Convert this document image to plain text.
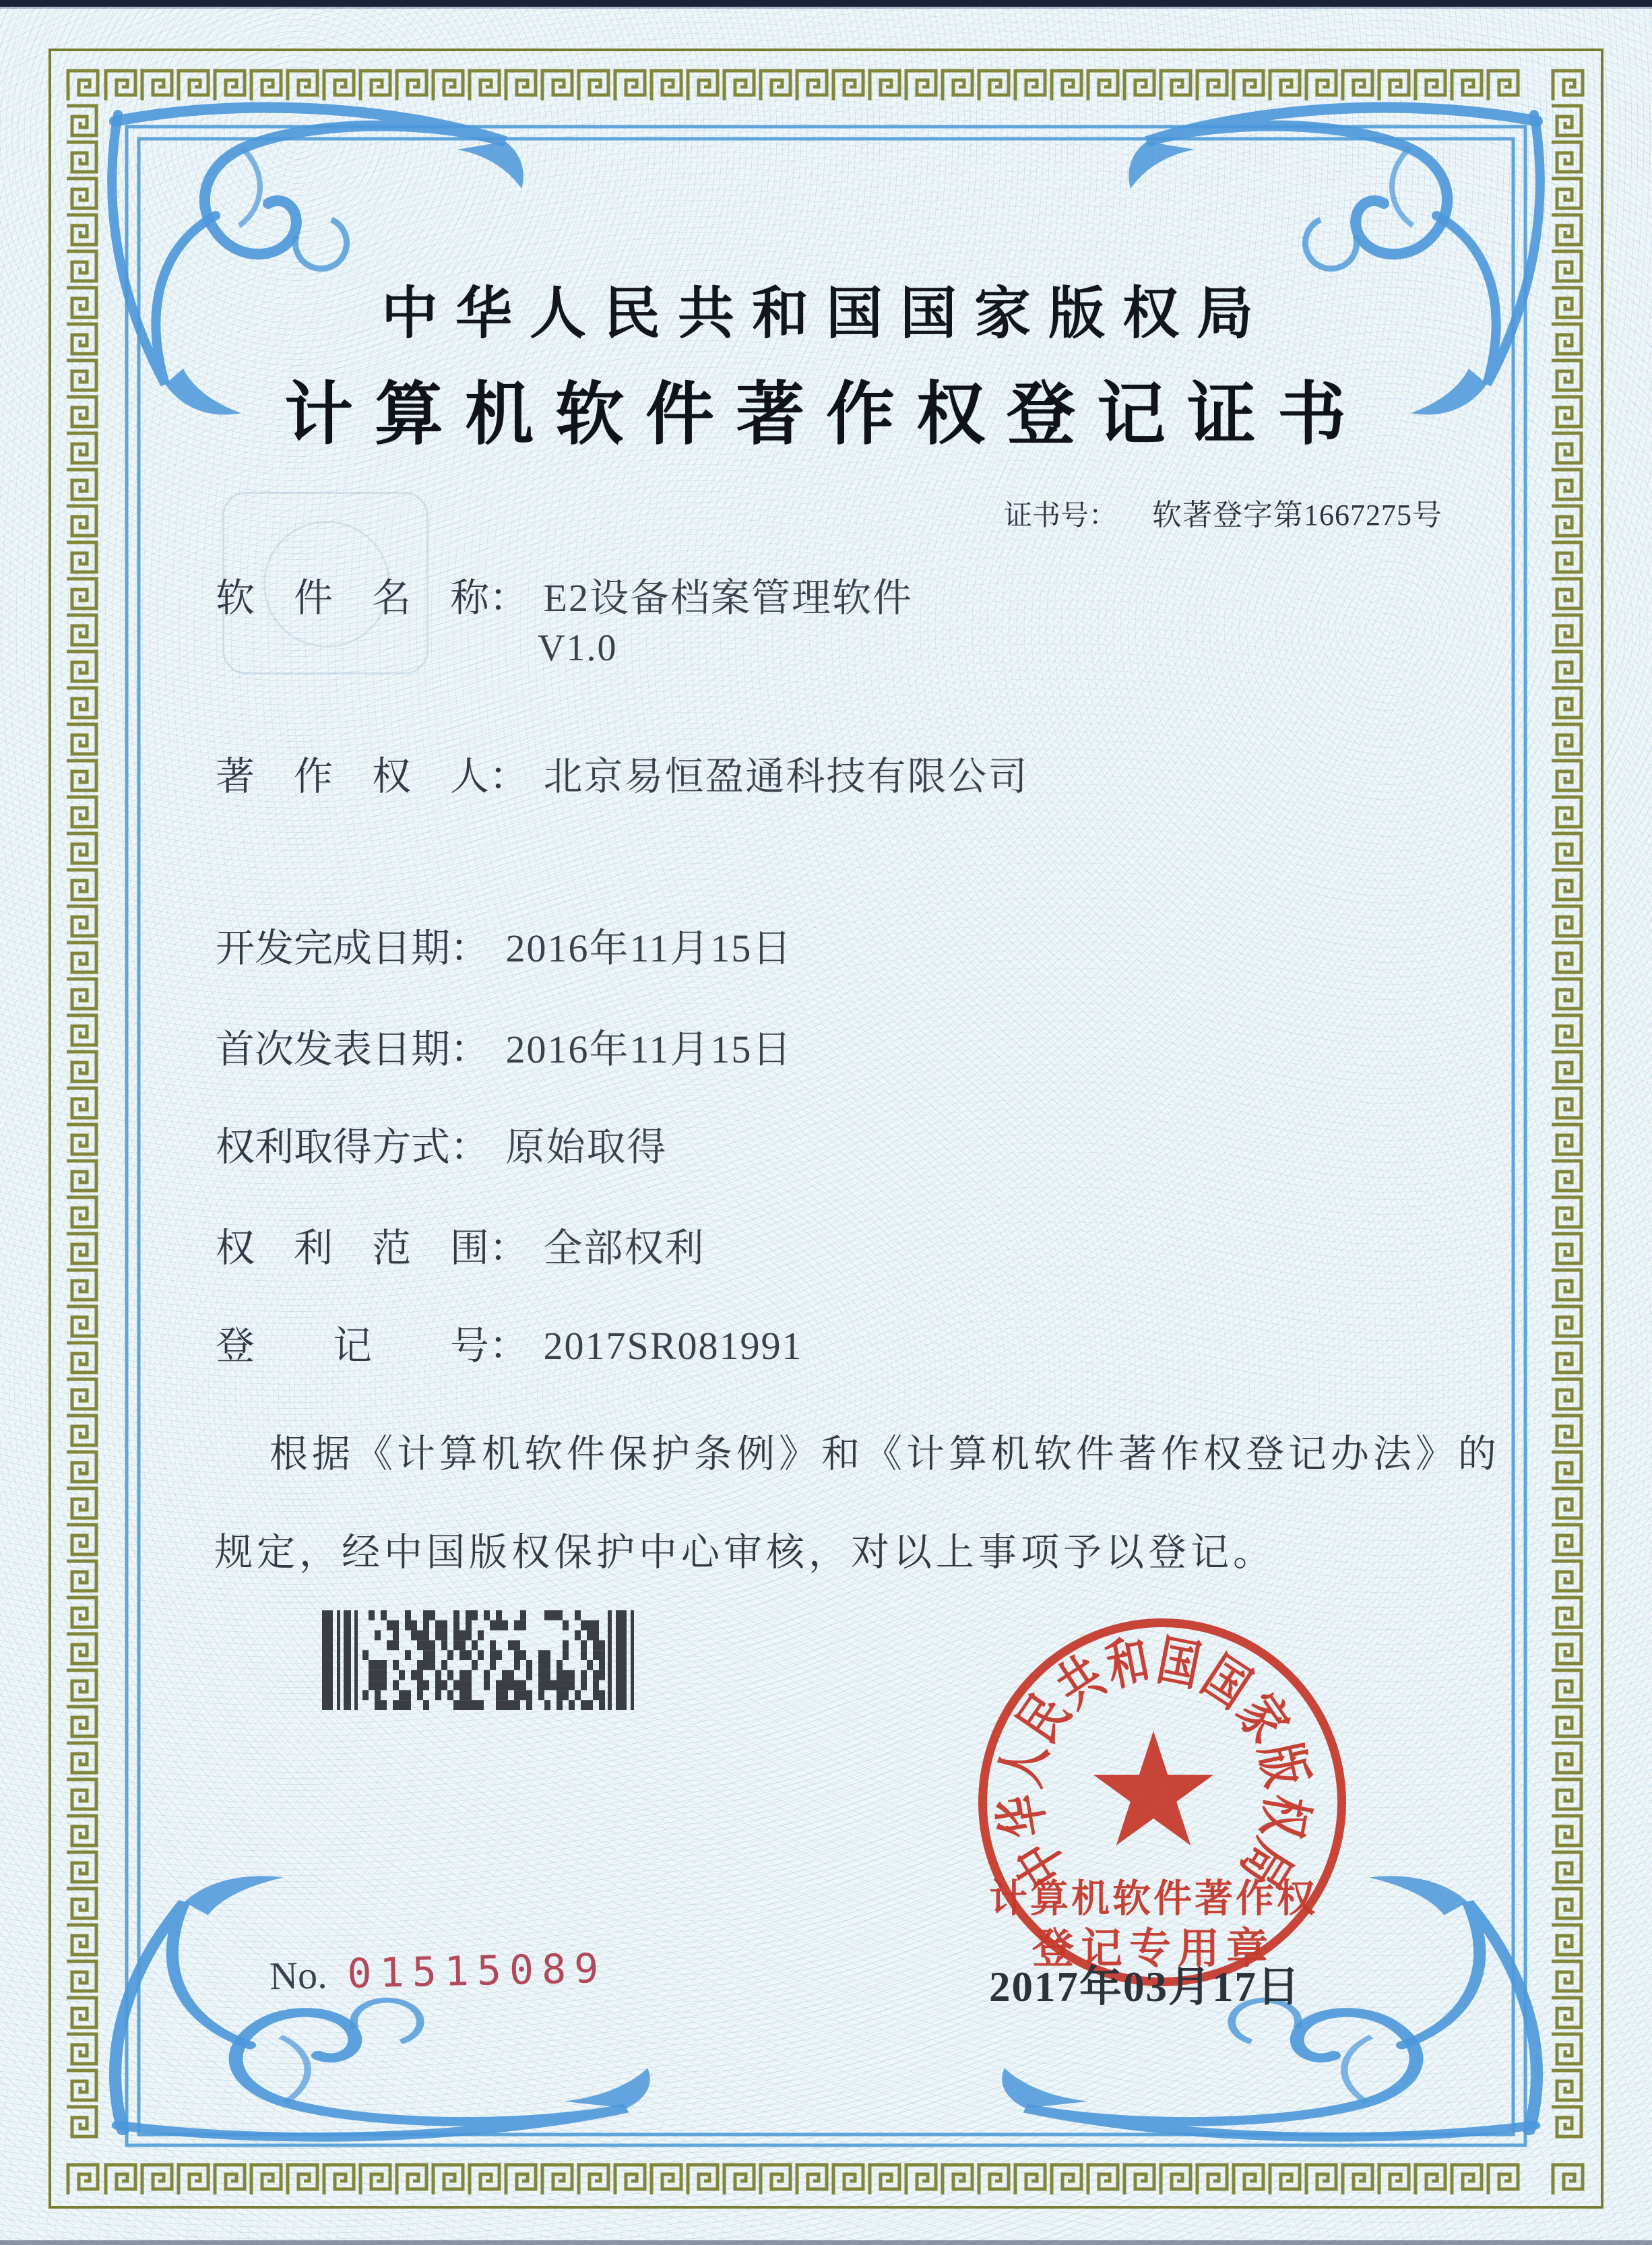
中华人民共和国国家版权局
计算机软件著作权登记证书
证书号： 软著登字第1667275号
软　件　名　称： E2设备档案管理软件
V1.0
著　作　权　人： 北京易恒盈通科技有限公司
开发完成日期： 2016年11月15日
首次发表日期： 2016年11月15日
权利取得方式： 原始取得
权　利　范　围： 全部权利
登　　记　　号： 2017SR081991
根据《计算机软件保护条例》和《计算机软件著作权登记办法》的
规定，经中国版权保护中心审核，对以上事项予以登记。
中
华
人
民
共
和
国
国
家
版
权
局
计算机软件著作权
登记专用章
2017年03月17日
No. 01515089
